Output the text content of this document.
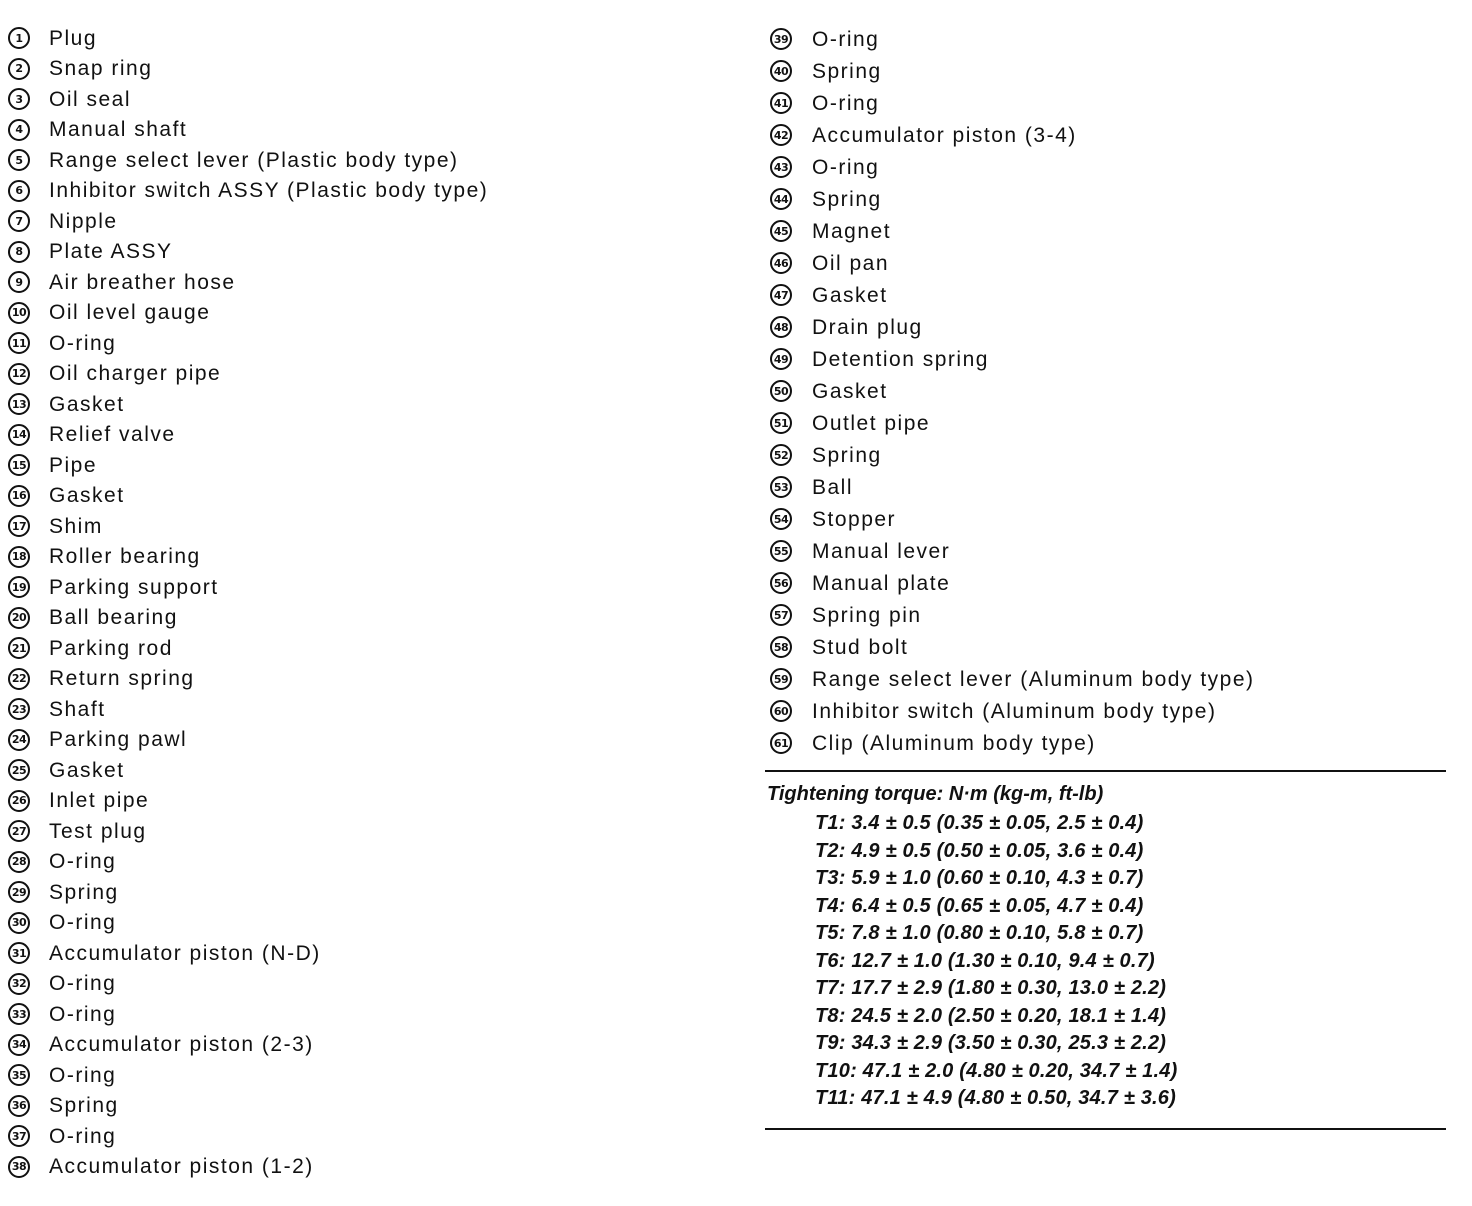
1	Plug
2	Snap ring
3	Oil seal
4	Manual shaft
5	Range select lever (Plastic body type)
6	Inhibitor switch ASSY (Plastic body type)
7	Nipple
8	Plate ASSY
9	Air breather hose
10 Oil level gauge
11 O-ring
12 Oil charger pipe
13 Gasket
14 Relief valve
15 Pipe
16 Gasket
17 Shim
18 Roller bearing
19 Parking support
20 Ball bearing
21 Parking rod
22 Return spring
23 Shaft
24 Parking pawl
25 Gasket
26 Inlet pipe
27 Test plug
28 O-ring
29 Spring
30 O-ring
31 Accumulator piston (N-D)
32 O-ring
33 O-ring
34 Accumulator piston (2-3)
35 O-ring
36 Spring
37 O-ring
38 Accumulator piston (1-2)
39 O-ring
40 Spring
41 O-ring
42 Accumulator piston (3-4)
43 O-ring
44 Spring
45 Magnet
46 Oil pan
47 Gasket
48 Drain plug
49 Detention spring
50 Gasket
51 Outlet pipe
52 Spring
53 Ball
54 Stopper
55 Manual lever
56 Manual plate
57 Spring pin
58 Stud bolt
59 Range select lever (Aluminum body type)
60 Inhibitor switch (Aluminum body type)
61 Clip (Aluminum body type)
Tightening torque: N·m (kg-m, ft-lb)
T1: 3.4 ± 0.5 (0.35 ± 0.05, 2.5 ± 0.4)
T2: 4.9 ± 0.5 (0.50 ± 0.05, 3.6 ± 0.4)
T3: 5.9 ± 1.0 (0.60 ± 0.10, 4.3 ± 0.7)
T4: 6.4 ± 0.5 (0.65 ± 0.05, 4.7 ± 0.4)
T5: 7.8 ± 1.0 (0.80 ± 0.10, 5.8 ± 0.7)
T6: 12.7 ± 1.0 (1.30 ± 0.10, 9.4 ± 0.7)
T7: 17.7 ± 2.9 (1.80 ± 0.30, 13.0 ± 2.2)
T8: 24.5 ± 2.0 (2.50 ± 0.20, 18.1 ± 1.4)
T9: 34.3 ± 2.9 (3.50 ± 0.30, 25.3 ± 2.2)
T10: 47.1 ± 2.0 (4.80 ± 0.20, 34.7 ± 1.4)
T11: 47.1 ± 4.9 (4.80 ± 0.50, 34.7 ± 3.6)
